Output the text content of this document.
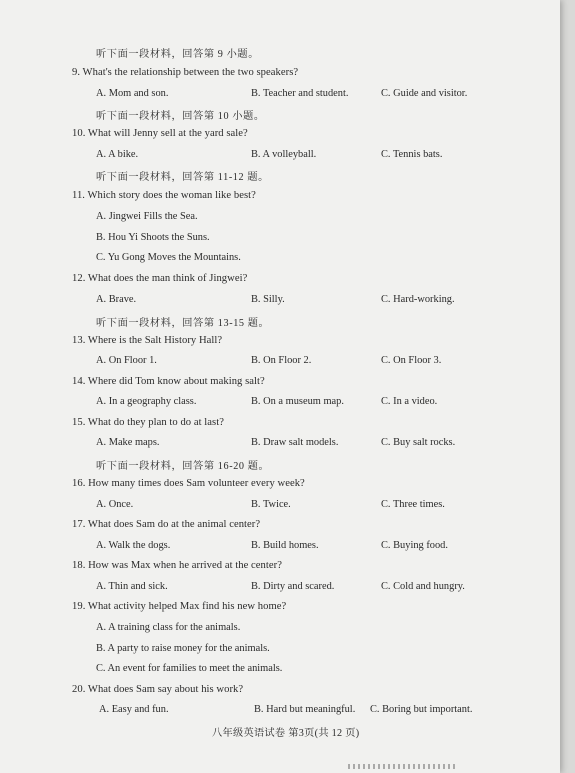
听下面一段材料，回答第 9 小题。
9. What's the relationship between the two speakers?
A. Mom and son.	B. Teacher and student.	C. Guide and visitor.
听下面一段材料，回答第 10 小题。
10. What will Jenny sell at the yard sale?
A. A bike.	B. A volleyball.	C. Tennis bats.
听下面一段材料，回答第 11-12 题。
11. Which story does the woman like best?
A. Jingwei Fills the Sea.
B. Hou Yi Shoots the Suns.
C. Yu Gong Moves the Mountains.
12. What does the man think of Jingwei?
A. Brave.	B. Silly.	C. Hard-working.
听下面一段材料，回答第 13-15 题。
13. Where is the Salt History Hall?
A. On Floor 1.	B. On Floor 2.	C. On Floor 3.
14. Where did Tom know about making salt?
A. In a geography class.	B. On a museum map.	C. In a video.
15. What do they plan to do at last?
A. Make maps.	B. Draw salt models.	C. Buy salt rocks.
听下面一段材料，回答第 16-20 题。
16. How many times does Sam volunteer every week?
A. Once.	B. Twice.	C. Three times.
17. What does Sam do at the animal center?
A. Walk the dogs.	B. Build homes.	C. Buying food.
18. How was Max when he arrived at the center?
A. Thin and sick.	B. Dirty and scared.	C. Cold and hungry.
19. What activity helped Max find his new home?
A. A training class for the animals.
B. A party to raise money for the animals.
C. An event for families to meet the animals.
20. What does Sam say about his work?
A. Easy and fun.	B. Hard but meaningful. C. Boring but important.
八年级英语试卷 第3页(共 12 页)
